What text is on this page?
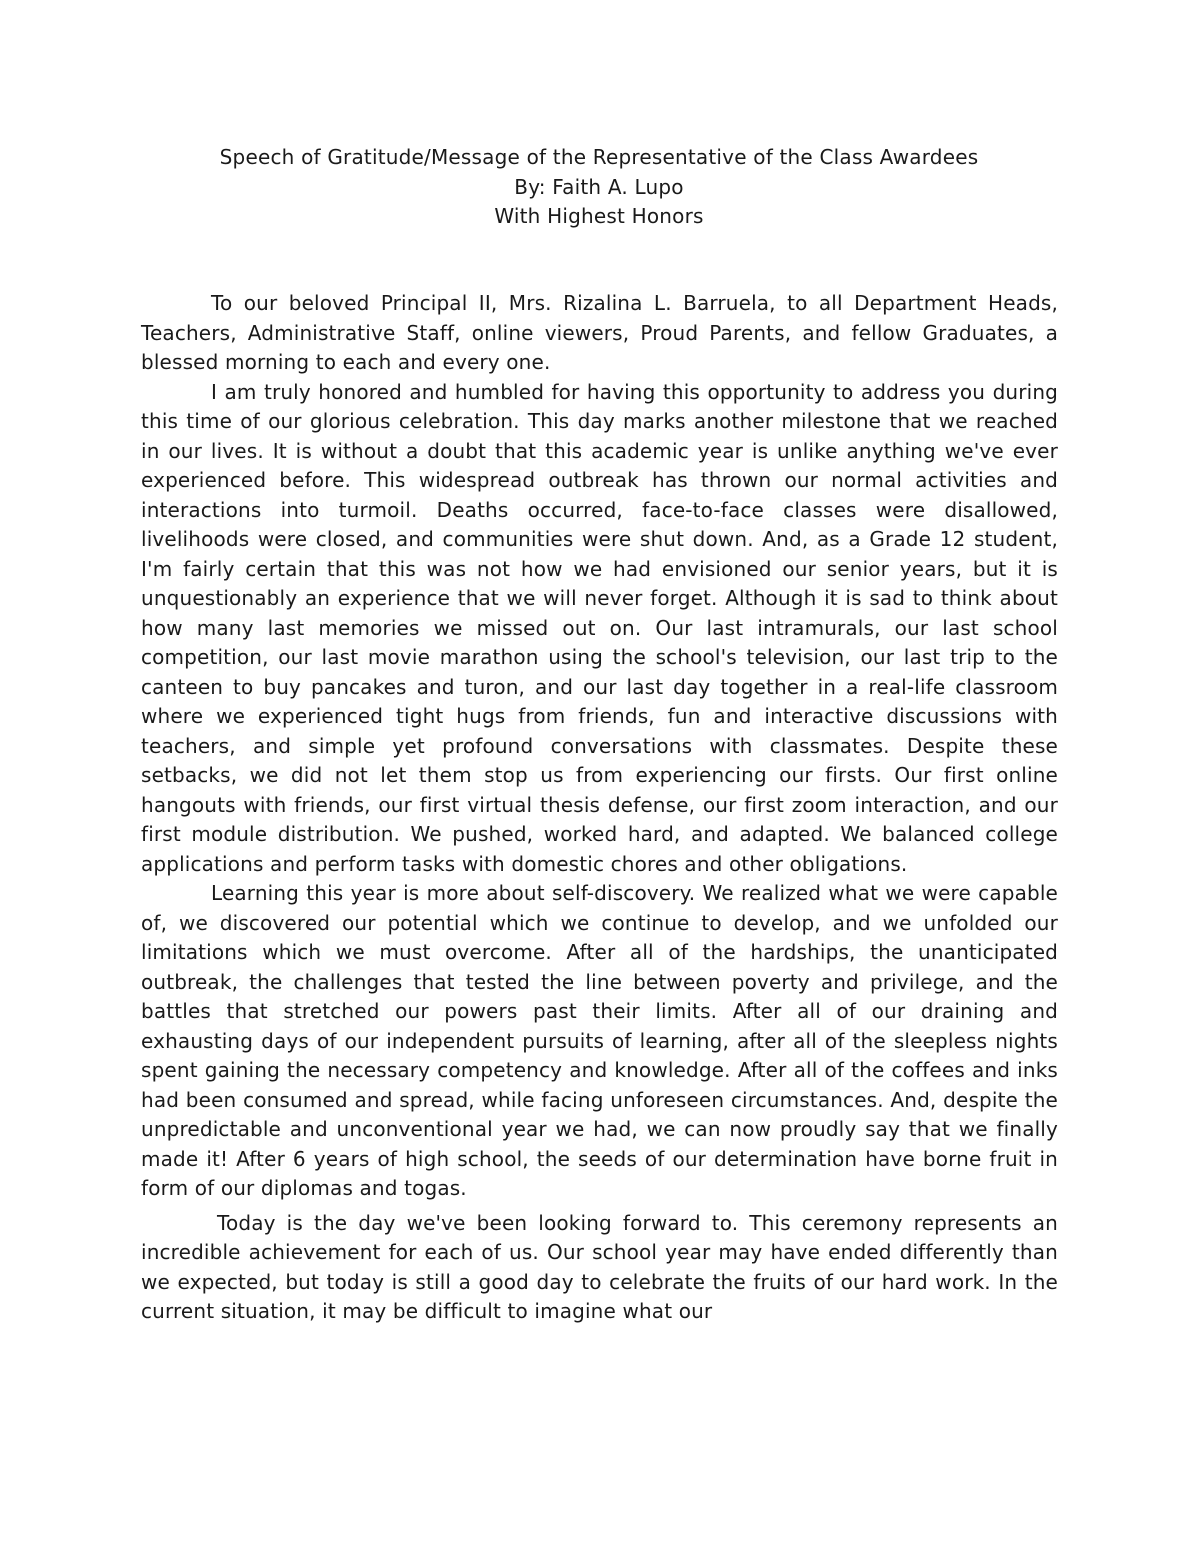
Speech of Gratitude/Message of the Representative of the Class Awardees
By: Faith A. Lupo
With Highest Honors

To our beloved Principal II, Mrs. Rizalina L. Barruela, to all Department Heads, Teachers, Administrative Staff, online viewers, Proud Parents, and fellow Graduates, a blessed morning to each and every one.

I am truly honored and humbled for having this opportunity to address you during this time of our glorious celebration. This day marks another milestone that we reached in our lives. It is without a doubt that this academic year is unlike anything we've ever experienced before. This widespread outbreak has thrown our normal activities and interactions into turmoil. Deaths occurred, face-to-face classes were disallowed, livelihoods were closed, and communities were shut down. And, as a Grade 12 student, I'm fairly certain that this was not how we had envisioned our senior years, but it is unquestionably an experience that we will never forget. Although it is sad to think about how many last memories we missed out on. Our last intramurals, our last school competition, our last movie marathon using the school's television, our last trip to the canteen to buy pancakes and turon, and our last day together in a real-life classroom where we experienced tight hugs from friends, fun and interactive discussions with teachers, and simple yet profound conversations with classmates. Despite these setbacks, we did not let them stop us from experiencing our firsts. Our first online hangouts with friends, our first virtual thesis defense, our first zoom interaction, and our first module distribution. We pushed, worked hard, and adapted. We balanced college applications and perform tasks with domestic chores and other obligations.

Learning this year is more about self-discovery. We realized what we were capable of, we discovered our potential which we continue to develop, and we unfolded our limitations which we must overcome. After all of the hardships, the unanticipated outbreak, the challenges that tested the line between poverty and privilege, and the battles that stretched our powers past their limits. After all of our draining and exhausting days of our independent pursuits of learning, after all of the sleepless nights spent gaining the necessary competency and knowledge. After all of the coffees and inks had been consumed and spread, while facing unforeseen circumstances. And, despite the unpredictable and unconventional year we had, we can now proudly say that we finally made it! After 6 years of high school, the seeds of our determination have borne fruit in form of our diplomas and togas.

Today is the day we've been looking forward to. This ceremony represents an incredible achievement for each of us. Our school year may have ended differently than we expected, but today is still a good day to celebrate the fruits of our hard work. In the current situation, it may be difficult to imagine what our
